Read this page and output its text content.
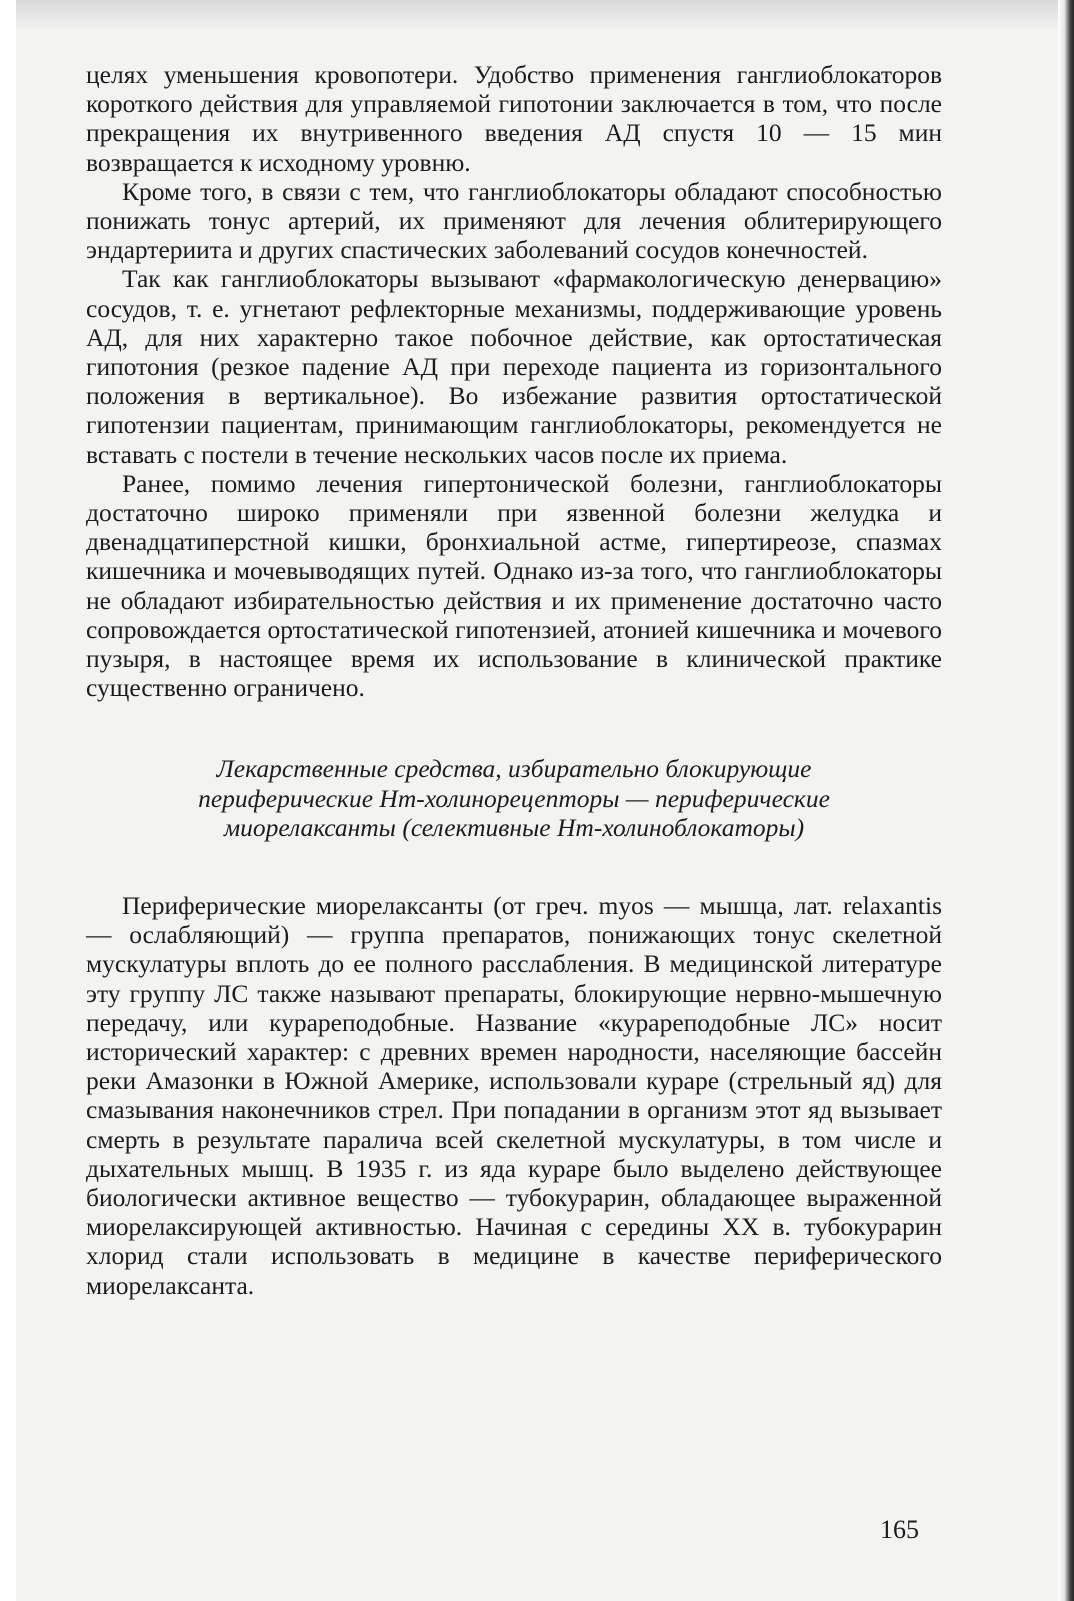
целях уменьшения кровопотери. Удобство применения ганглиоблокаторов короткого действия для управляемой гипотонии заключается в том, что после прекращения их внутривенного введения АД спустя 10 — 15 мин возвращается к исходному уровню.

Кроме того, в связи с тем, что ганглиоблокаторы обладают способностью понижать тонус артерий, их применяют для лечения облитерирующего эндартериита и других спастических заболеваний сосудов конечностей.

Так как ганглиоблокаторы вызывают «фармакологическую денервацию» сосудов, т. е. угнетают рефлекторные механизмы, поддерживающие уровень АД, для них характерно такое побочное действие, как ортостатическая гипотония (резкое падение АД при переходе пациента из горизонтального положения в вертикальное). Во избежание развития ортостатической гипотензии пациентам, принимающим ганглиоблокаторы, рекомендуется не вставать с постели в течение нескольких часов после их приема.

Ранее, помимо лечения гипертонической болезни, ганглиоблокаторы достаточно широко применяли при язвенной болезни желудка и двенадцатиперстной кишки, бронхиальной астме, гипертиреозе, спазмах кишечника и мочевыводящих путей. Однако из-за того, что ганглиоблокаторы не обладают избирательностью действия и их применение достаточно часто сопровождается ортостатической гипотензией, атонией кишечника и мочевого пузыря, в настоящее время их использование в клинической практике существенно ограничено.

Лекарственные средства, избирательно блокирующие
периферические Hm-холинорецепторы — периферические
миорелаксанты (селективные Hm-холиноблокаторы)

Периферические миорелаксанты (от греч. myos — мышца, лат. relaxantis — ослабляющий) — группа препаратов, понижающих тонус скелетной мускулатуры вплоть до ее полного расслабления. В медицинской литературе эту группу ЛС также называют препараты, блокирующие нервно-мышечную передачу, или курареподобные. Название «курареподобные ЛС» носит исторический характер: с древних времен народности, населяющие бассейн реки Амазонки в Южной Америке, использовали кураре (стрельный яд) для смазывания наконечников стрел. При попадании в организм этот яд вызывает смерть в результате паралича всей скелетной мускулатуры, в том числе и дыхательных мышц. В 1935 г. из яда кураре было выделено действующее биологически активное вещество — тубокурарин, обладающее выраженной миорелаксирующей активностью. Начиная с середины XX в. тубокурарин хлорид стали использовать в медицине в качестве периферического миорелаксанта.

165
